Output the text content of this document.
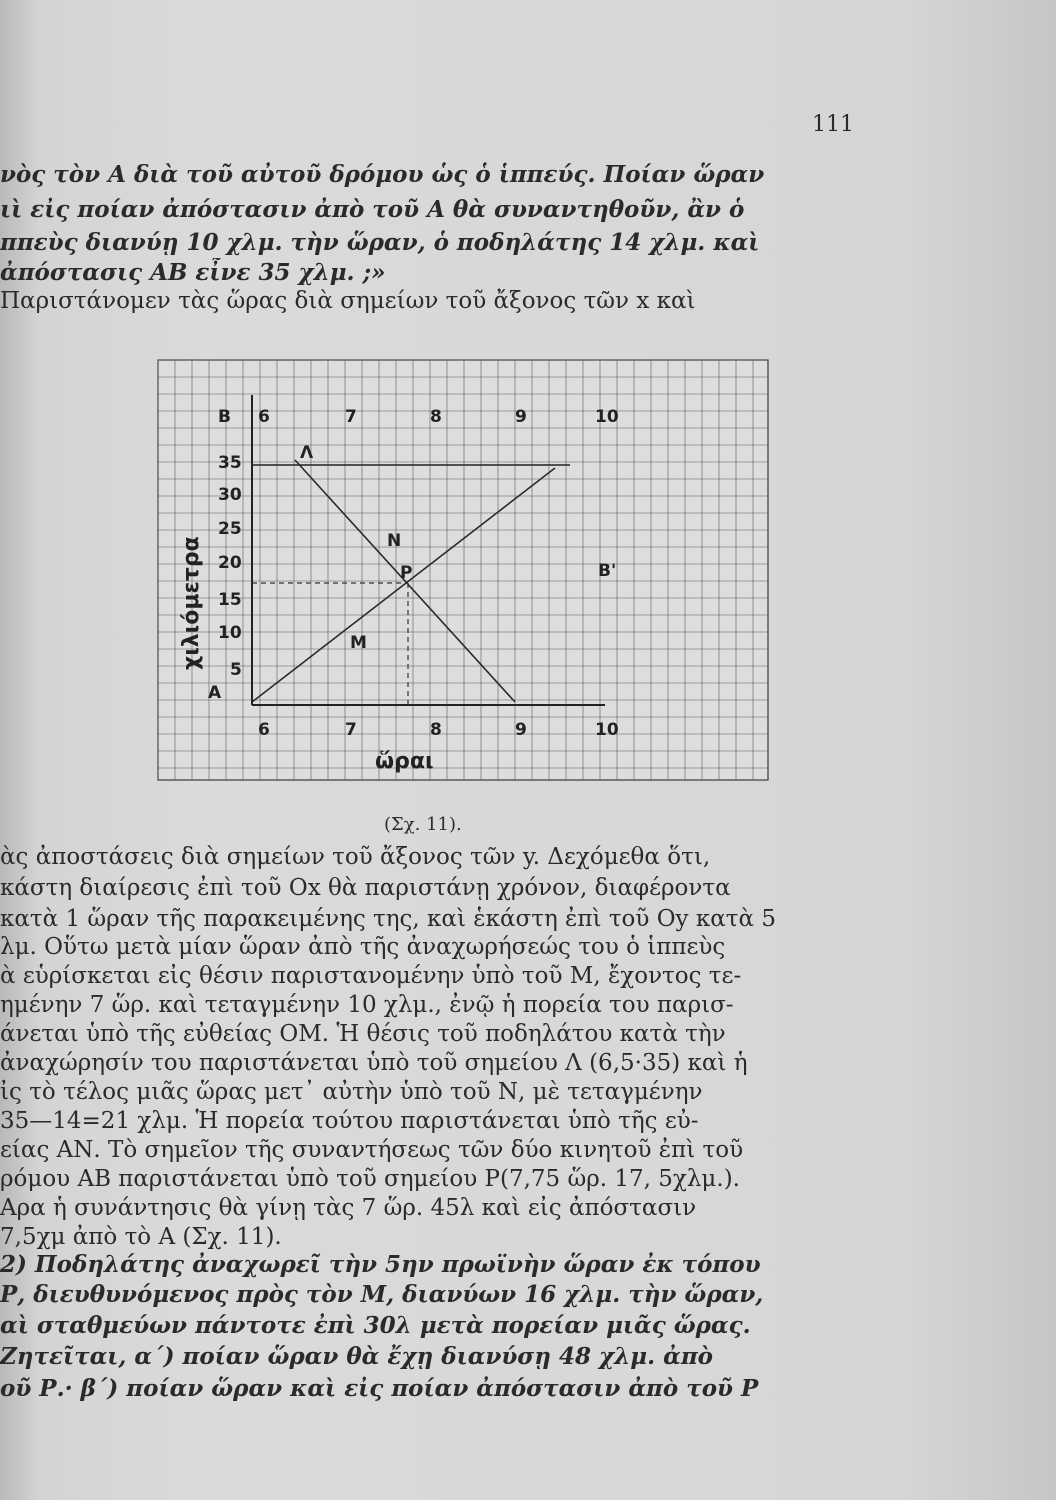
111
νὸς τὸν Α διὰ τοῦ αὐτοῦ δρόμου ὡς ὁ ἱππεύς. Ποίαν ὥραν
ιὶ εἰς ποίαν ἀπόστασιν ἀπὸ τοῦ Α θὰ συναντηθοῦν, ἂν ὁ
ππεὺς διανύῃ 10 χλμ. τὴν ὥραν, ὁ ποδηλάτης 14 χλμ. καὶ
ἀπόστασις ΑΒ εἶνε 35 χλμ. ;»
Παριστάνομεν τὰς ὥρας διὰ σημείων τοῦ ἄξονος τῶν x καὶ
Β
Α
35
30
25
20
15
10
5
6	7	8	9	10
6	7	8	9	10
Λ
Μ
Ν
Ρ	Β'
ὥραι
χιλιόμετρα
(Σχ. 11).
ὰς ἀποστάσεις διὰ σημείων τοῦ ἄξονος τῶν y. Δεχόμεθα ὅτι,
κάστη διαίρεσις ἐπὶ τοῦ Ox θὰ παριστάνῃ χρόνον, διαφέροντα
κατὰ 1 ὥραν τῆς παρακειμένης της, καὶ ἑκάστη ἐπὶ τοῦ Oy κατὰ 5
λμ. Οὕτω μετὰ μίαν ὥραν ἀπὸ τῆς ἀναχωρήσεώς του ὁ ἱππεὺς
ὰ εὑρίσκεται εἰς θέσιν παριστανομένην ὑπὸ τοῦ Μ, ἔχοντος τε-
ημένην 7 ὥρ. καὶ τεταγμένην 10 χλμ., ἐνῷ ἡ πορεία του παρισ-
άνεται ὑπὸ τῆς εὐθείας ΟΜ. Ἡ θέσις τοῦ ποδηλάτου κατὰ τὴν
ἀναχώρησίν του παριστάνεται ὑπὸ τοῦ σημείου Λ (6,5·35) καὶ ἡ
ἰς τὸ τέλος μιᾶς ὥρας μετ᾽ αὐτὴν ὑπὸ τοῦ Ν, μὲ τεταγμένην
35—14=21 χλμ. Ἡ πορεία τούτου παριστάνεται ὑπὸ τῆς εὐ-
είας ΑΝ. Τὸ σημεῖον τῆς συναντήσεως τῶν δύο κινητοῦ ἐπὶ τοῦ
ρόμου ΑΒ παριστάνεται ὑπὸ τοῦ σημείου Ρ(7,75 ὥρ. 17, 5χλμ.).
Αρα ἡ συνάντησις θὰ γίνῃ τὰς 7 ὥρ. 45λ καὶ εἰς ἀπόστασιν
7,5χμ ἀπὸ τὸ Α (Σχ. 11).
2) Ποδηλάτης ἀναχωρεῖ τὴν 5ην πρωϊνὴν ὥραν ἐκ τόπου
Ρ, διευθυνόμενος πρὸς τὸν Μ, διανύων 16 χλμ. τὴν ὥραν,
αὶ σταθμεύων πάντοτε ἐπὶ 30λ μετὰ πορείαν μιᾶς ὥρας.
Ζητεῖται, α΄) ποίαν ὥραν θὰ ἔχῃ διανύσῃ 48 χλμ. ἀπὸ
οῦ Ρ.· β΄) ποίαν ὥραν καὶ εἰς ποίαν ἀπόστασιν ἀπὸ τοῦ Ρ
